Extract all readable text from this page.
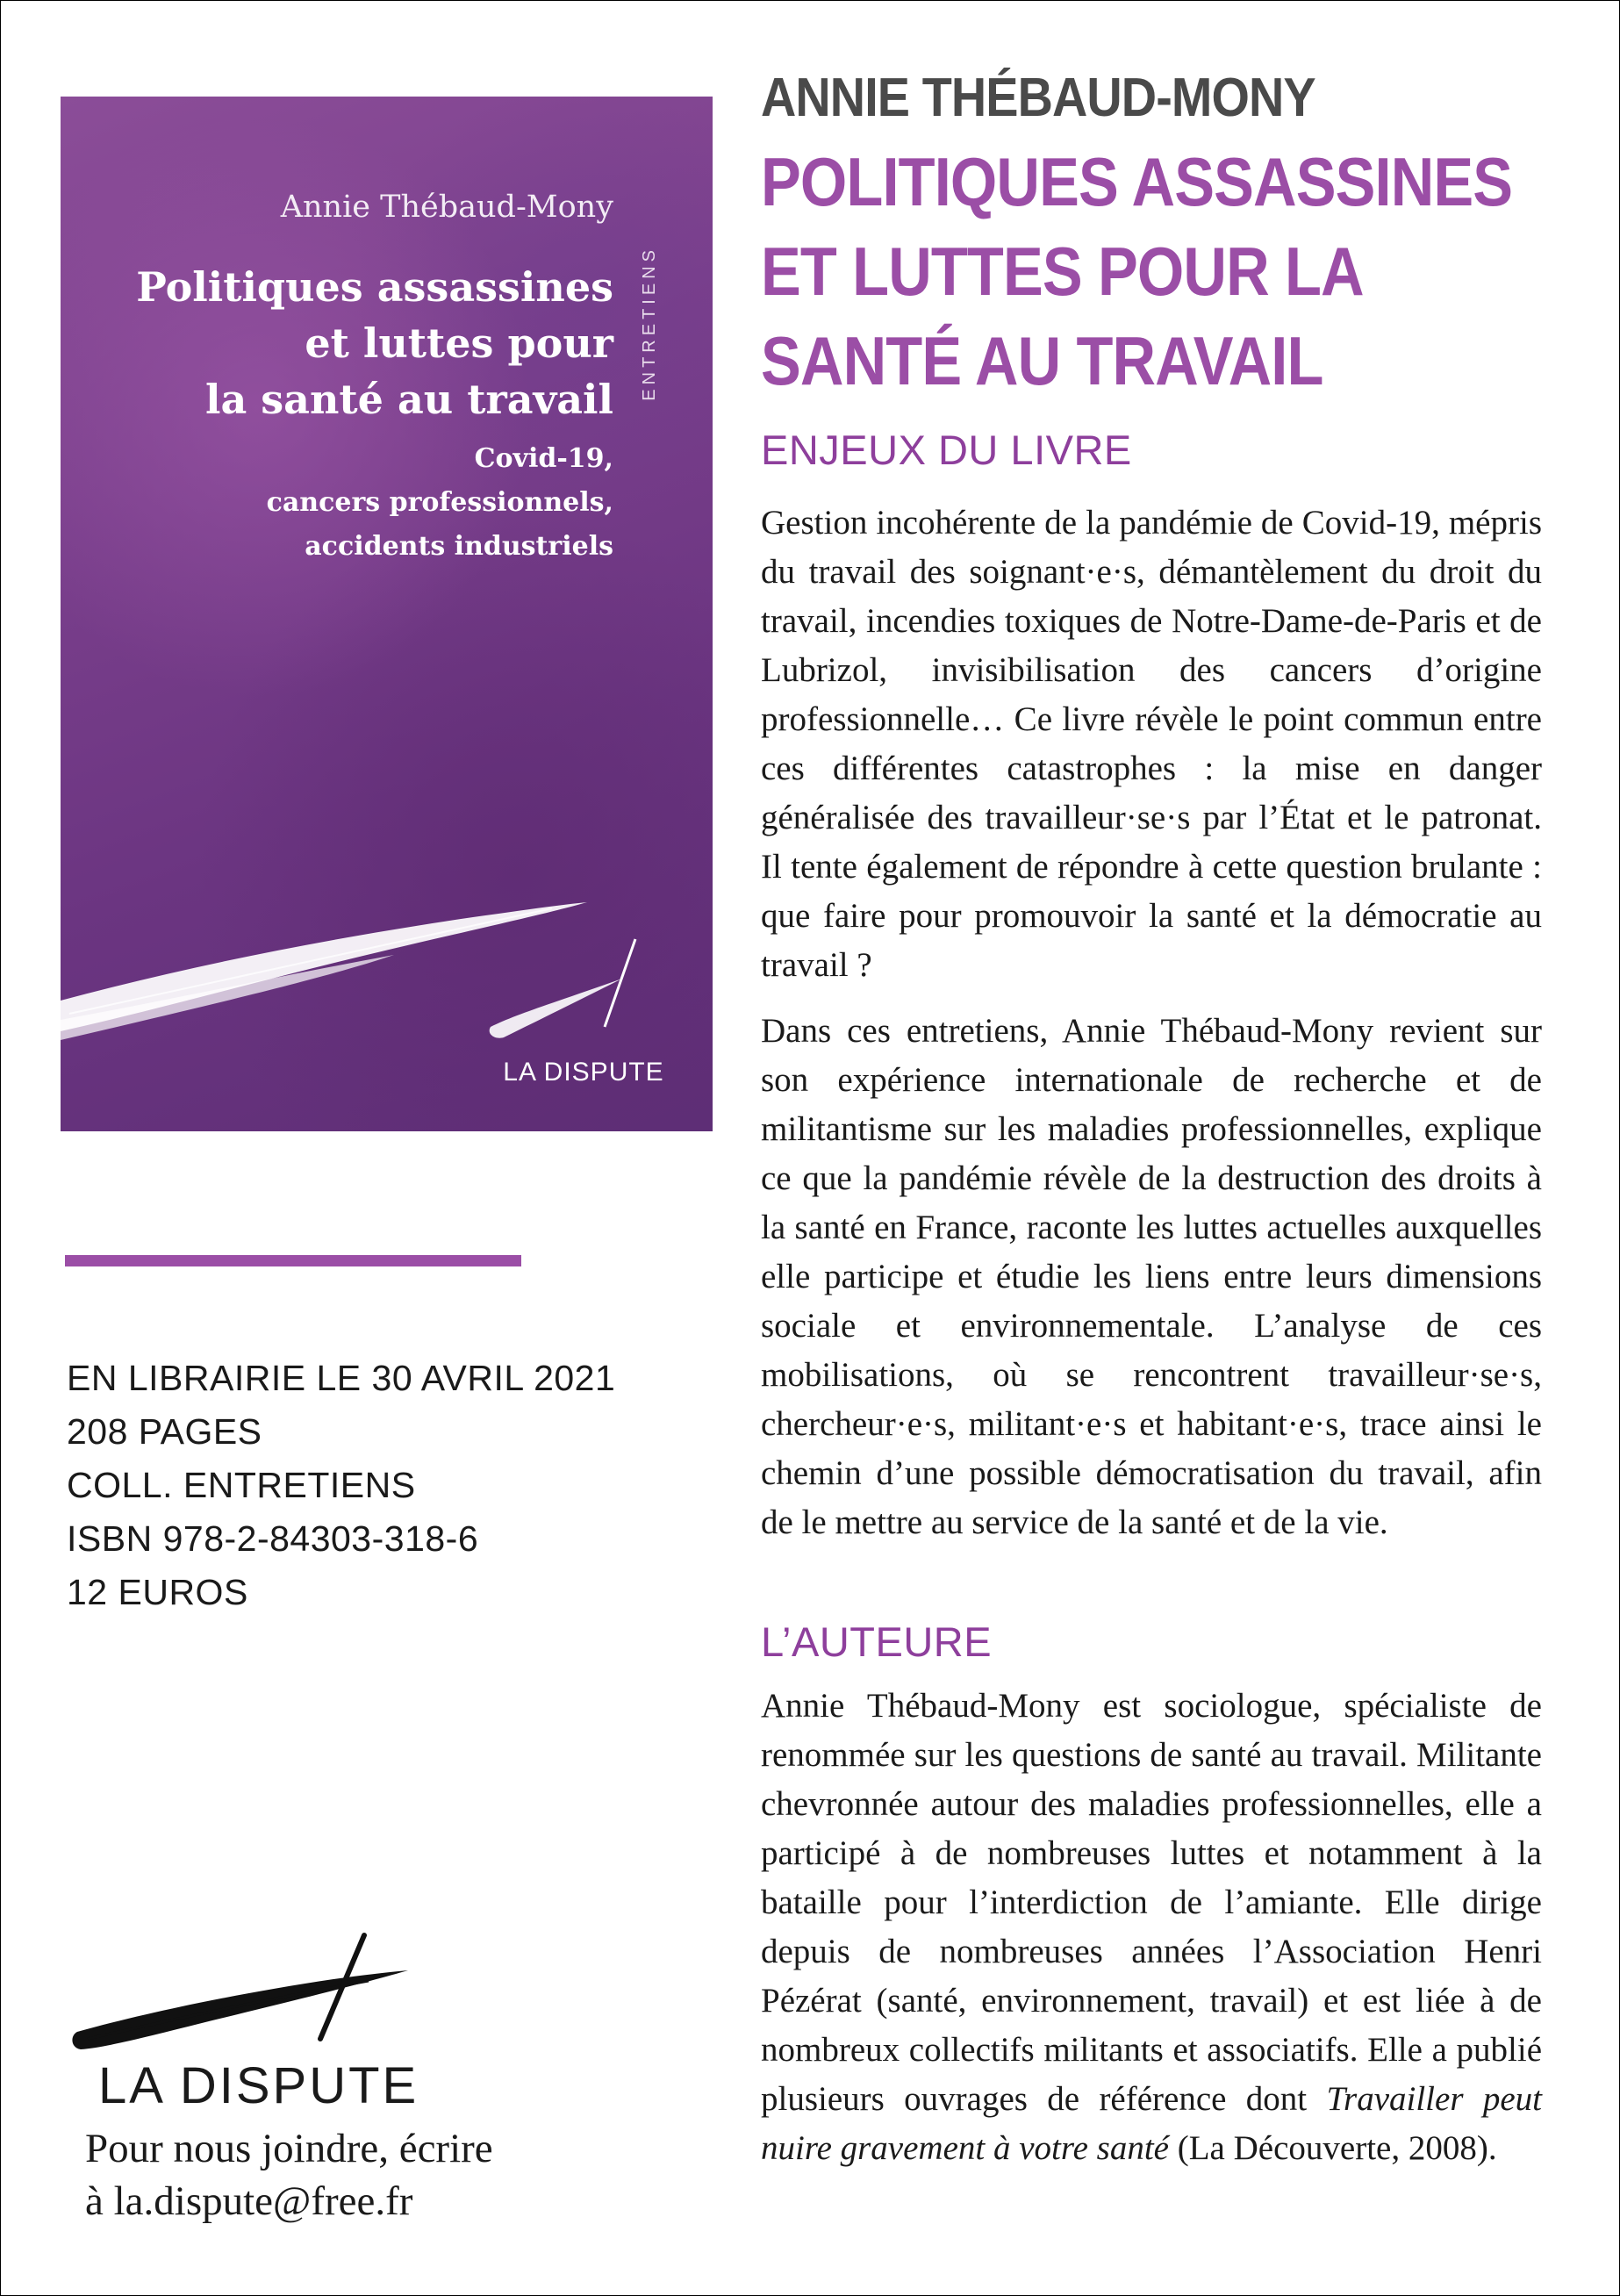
Annie Thébaud-Mony
Politiques assassines
et luttes pour
la santé au travail
Covid-19,
cancers professionnels,
accidents industriels
ENTRETIENS
LA DISPUTE
EN LIBRAIRIE LE 30 AVRIL 2021
208 PAGES
COLL. ENTRETIENS
ISBN 978-2-84303-318-6
12 EUROS
LA DISPUTE
Pour nous joindre, écrire
à la.dispute@free.fr
ANNIE THÉBAUD-MONY
POLITIQUES ASSASSINES
ET LUTTES POUR LA
SANTÉ AU TRAVAIL
ENJEUX DU LIVRE

Gestion incohérente de la pandémie de Covid-19, mépris du travail des soignant·e·s, démantèlement du droit du travail, incendies toxiques de Notre-Dame-de-Paris et de Lubrizol, invisibilisation des cancers d’origine professionnelle… Ce livre révèle le point commun entre ces différentes catastrophes : la mise en danger généralisée des travailleur·se·s par l’État et le patronat. Il tente également de répondre à cette question brulante : que faire pour promouvoir la santé et la démocratie au travail ?

Dans ces entretiens, Annie Thébaud-Mony revient sur son expérience internationale de recherche et de militantisme sur les maladies professionnelles, explique ce que la pandémie révèle de la destruction des droits à la santé en France, raconte les luttes actuelles auxquelles elle participe et étudie les liens entre leurs dimensions sociale et environnementale. L’analyse de ces mobilisations, où se rencontrent travailleur·se·s, chercheur·e·s, militant·e·s et habitant·e·s, trace ainsi le chemin d’une possible démocratisation du travail, afin de le mettre au service de la santé et de la vie.

L’AUTEURE

Annie Thébaud-Mony est sociologue, spécialiste de renommée sur les questions de santé au travail. Militante chevronnée autour des maladies professionnelles, elle a participé à de nombreuses luttes et notamment à la bataille pour l’interdiction de l’amiante. Elle dirige depuis de nombreuses années l’Association Henri Pézérat (santé, environnement, travail) et est liée à de nombreux collectifs militants et associatifs. Elle a publié plusieurs ouvrages de référence dont Travailler peut nuire gravement à votre santé (La Découverte, 2008).
